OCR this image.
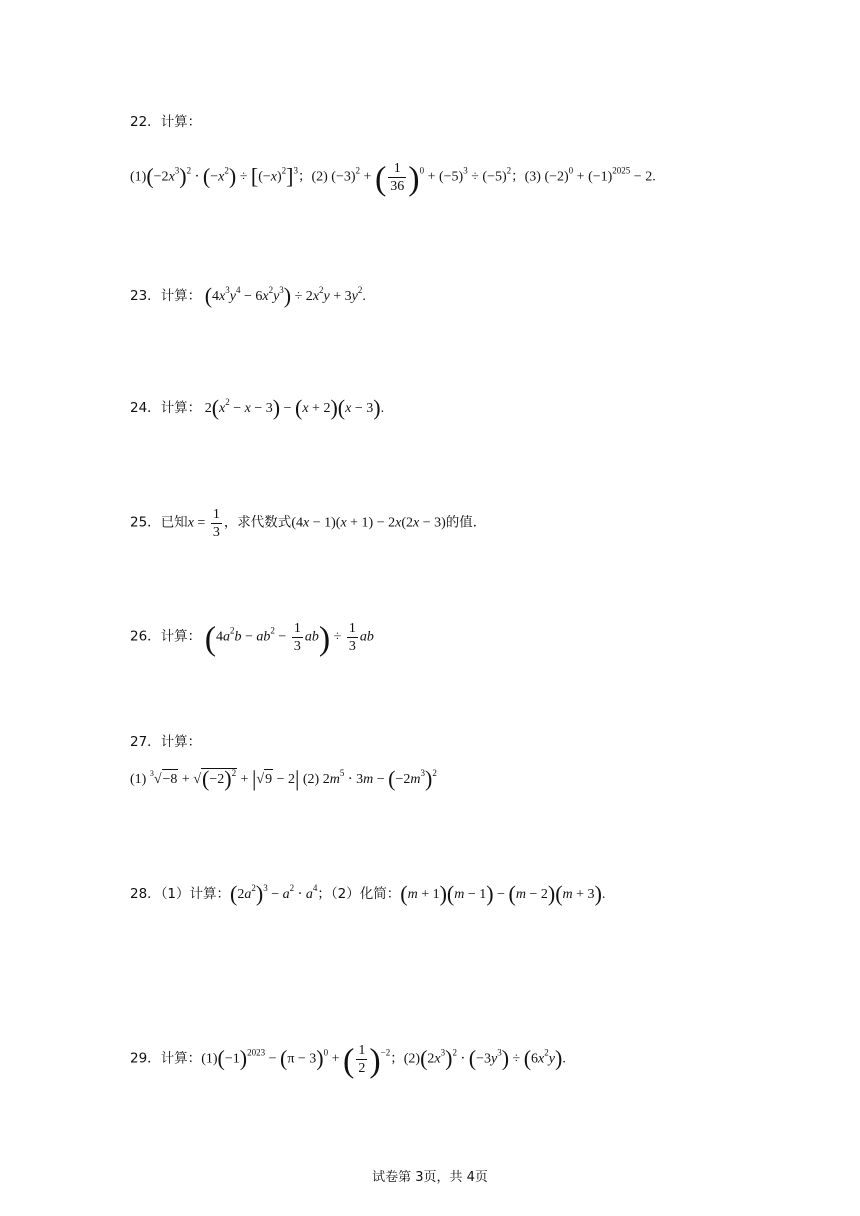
22．计算：
$(1)(-2x^3)^2 \cdot (-x^2) \div [(-x)^2]^3$；(2) $(-3)^2$ + ( $\frac{1}{36} )^0 + (-5)^3 \div (-5)^2$；(3) $(-2)^0 + (-1)^{2025} - 2$.
23．计算： $(4x^3y^4 - 6x^2y^3) \div 2x^2y + 3y^2$.
24．计算： $2(x^2 - x - 3) - (x + 2)(x - 3)$.
25．已知$x = \frac{1}{3}$ ，求代数式(4x − 1)(x + 1) − 2x(2x − 3)的值．
26．计算： $(4a^2b - ab^2 - \frac{1}{3} ab) \div \frac{1}{3}$ ab
27．计算：
(1) $^3√-8 + √(-2)^2 + |√9 - 2|$ (2) $2m^5 \cdot 3m - (-2m^3)^2$
28．（1）计算：$(2a^2)^3 - a^2 \cdot a^4$；（2）化简：(m + 1)(m − 1) − (m − 2)(m + 3).
29．计算：$(1)(-1)^{2023} - (\pi - 3)^0$ + ( $\frac{1}{2} )^{-2}$；$(2)(2x^3)^2 \cdot (-3y^3) \div (6x^2y)$.
试卷第 3页，共 4页
